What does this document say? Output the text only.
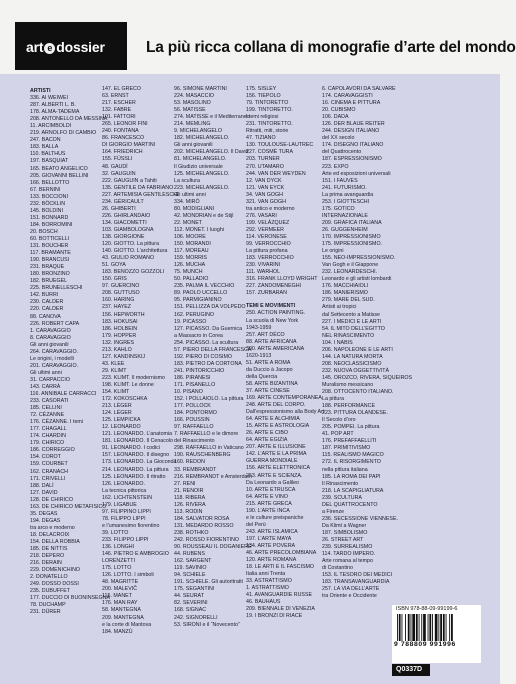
art e dossier	La più ricca collana di monografie d’arte del mondo
ARTISTI
336. AI WEIWEI
287. ALBERTI L. B.
178. ALMA-TADEMA
208. ANTONELLO DA MESSINA
11. ARCIMBOLDI
219. ARNOLFO DI CAMBIO
247. BACON
183. BALLA
110. BALTHUS
197. BASQUIAT
165. BEATO ANGELICO
205. GIOVANNI BELLINI
166. BELLOTTO
67. BERNINI
133. BOCCIONI
232. BÖCKLIN
145. BOLDINI
151. BONNARD
184. BORROMINI
20. BOSCH
60. BOTTICELLI
131. BOUCHER
117. BRAMANTE
190. BRANCUSI
231. BRAQUE
180. BRONZINO
182. BRUEGEL
225. BRUNELLESCHI
142. BURRI
230. CALDER
220. CALDER
88. CANOVA
226. ROBERT CAPA
1. CARAVAGGIO
8. CARAVAGGIO
Gli anni giovanili
264. CARAVAGGIO.
Le origini, i modelli
201. CARAVAGGIO.
Gli ultimi anni
31. CARPACCIO
143. CARRÀ
116. ANNIBALE CARRACCI
233. CASORATI
185. CELLINI
72. CÉZANNE
176. CÉZANNE. I temi
177. CHAGALL
174. CHARDIN
179. CHIRICO
186. CORREGGIO
154. COROT
159. COURBET
162. CRANACH
171. CRIVELLI
188. DALÍ
127. DAVID
128. DE CHIRICO
163. DE CHIRICO METAFISICO
35. DEGAS
194. DEGAS
tra arco e moderno
18. DELACROIX
154. DELLA ROBBIA
185. DE NITTIS
218. DEPERO
216. DERAIN
229. DOMENICHINO
2. DONATELLO
249. DOSSO DOSSI
235. DUBUFFET
177. DUCCIO DI BUONINSEGNA
78. DUCHAMP
231. DÜRER
147. EL GRECO
63. ERNST
217. ESCHER
132. FABRE
101. FATTORI
265. LEONOR FINI
240. FONTANA
86. FRANCESCO
DI GIORGIO MARTINI
164. FRIEDRICH
155. FÜSSLI
48. GAUDÍ
32. GAUGUIN
222. GAUGUIN a Tahiti
135. GENTILE DA FABRIANO
227. ARTEMISIA GENTILESCHI
234. GÉRICAULT
26. GHIBERTI
226. GHIRLANDAIO
134. GIACOMETTI
103. GIAMBOLOGNA
138. GIORGIONE
120. GIOTTO. La pittura
140. GIOTTO. L’architettura
43. GIULIO ROMANO
51. GOYA
183. BENOZZO GOZZOLI
150. GRIS
97. GUERCINO
208. GUTTUSO
160. HARING
237. HAYEZ
156. HEPWORTH
183. HOKUSAI
186. HOLBEIN
179. HOPPER
132. INGRES
213. KAHLO
127. KANDINSKIJ
43. KLEE
29. KLIMT
223. KLIMT. Il modernismo
198. KLIMT. Le donne
154. KLIMT
172. KOKOSCHKA
213. LÉGER
124. LÉGER
125. LEMPICKA
12. LEONARDO
121. LEONARDO. L’anatomia
181. LEONARDO. Il Cenacolo
91. LEONARDO. I codici
157. LEONARDO. Il disegno
173. LEONARDO. La Gioconda
214. LEONARDO. La pittura
125. LEONARDO. Il ritratto
126. LEONARDO.
La tecnica pittorica
162. LICHTENSTEIN
179. LIGABUE
97. FILIPPINO LIPPI
78. FILIPPO LIPPI
e l’umanesimo fiorentino
39. LOTTO
233. FILIPPO LIPPI
136. LONGHI
146. PIETRO E AMBROGIO
LORENZETTI
175. LOTTO
126. LOTTO. I simboli
48. MAGRITTE
200. MALEVIČ
115. MANET
176. MAN RAY
58. MANTEGNA
209. MANTEGNA
e la corte di Mantova
184. MANZÙ
96. SIMONE MARTINI
224. MASACCIO
53. MASOLINO
56. MATISSE
274. MATISSE e il Mediterraneo
214. MEMLING
9. MICHELANGELO
182. MICHELANGELO.
Gli anni giovanili
202. MICHELANGELO. Il David
81. MICHELANGELO.
Il Giudizio universale
125. MICHELANGELO.
La scultura
223. MICHELANGELO.
Gli ultimi anni
334. MIRÓ
80. MODIGLIANI
42. MONDRIAN e de Stijl
22. MONET
112. MONET. I luoghi
106. MOORE
150. MORANDI
117. MOREAU
159. MORRIS
126. MUCHA
75. MUNCH
50. PALLADIO
235. PALMA IL VECCHIO
89. PAOLO UCCELLO
95. PARMIGIANINO
151. PELLIZZA DA VOLPEDO
162. PERUGINO
19. PICASSO
127. PICASSO. Da Guernica
a Massacro in Corea
254. PICASSO. La scultura
57. PIERO DELLA FRANCESCA
192. PIERO DI COSIMO
183. PIETRO DA CORTONA
241. PINTORICCHIO
186. PIRANESI
171. PISANELLO
10. PISANO
152. I POLLAIOLO. La pittura
177. POLLOCK
184. PONTORMO
166. POUSSIN
97. RAFFAELLO
7. RAFFAELLO e le dimore
del Rinascimento
298. RAFFAELLO in Vaticano
190. RAUSCHENBERG
160. REDON
33. REMBRANDT
216. REMBRANDT e Amsterdam
27. RENI
21. RENOIR
118. RIBERA
126. RIVERA
113. RODIN
184. SALVATOR ROSA
131. MEDARDO ROSSO
238. ROTHKO
242. ROSSO FIORENTINO
90. ROUSSEAU IL DOGANIERE
44. RUBENS
162. SARGENT
119. SAVINIO
94. SCHIELE
191. SCHIELE. Gli autoritratti
175. SEGANTINI
44. SEURAT
82. SEVERINI
168. SIGNAC
242. SIGNORELLI
53. SIRONI e il “Novecento”
175. SISLEY
156. TIEPOLO
79. TINTORETTO
199. TINTORETTO.
I temi religiosi
231. TINTORETTO.
Ritratti, miti, storie
47. TIZIANO
130. TOULOUSE-LAUTREC
227. COSMÈ TURA
203. TURNER
270. UTAMARO
244. VAN DER WEYDEN
12. VAN DYCK
121. VAN EYCK
34. VAN GOGH
321. VAN GOGH
tra antico e moderno
276. VASARI
199. VELÁZQUEZ
292. VERMEER
114. VERONESE
99. VERROCCHIO
La pittura profana
183. VERROCCHIO
230. VIVARINI
111. WARHOL
316. FRANK LLOYD WRIGHT
227. ZANDOMENEGHI
157. ZURBARAN
TEMI E MOVIMENTI
250. ACTION PAINTING.
La scuola di New York
1943-1959
257. ART DÉCO
88. ARTE AFRICANA
300. ARTE AMERICANA
1620-1913
51. ARTE A ROMA
da Duccio à Jacopo
della Quercia
58. ARTE BIZANTINA
37. ARTE CINESE
169. ARTE CONTEMPORANEA
248. ARTE DEL CORPO.
Dall’espressionismo alla Body Art
64. ARTE E ALCHIMIA
15. ARTE E ASTROLOGIA
26. ARTE E CIBO
64. ARTE EGIZIA
207. ARTE E ILLUSIONE
142. L’ARTE E LA PRIMA
GUERRA MONDIALE
156. ARTE ELETTRONICA
253. ARTE E SCIENZA.
Da Leonardo a Galileo
10. ARTE ETRUSCA
64. ARTE E VINO
215. ARTE GRECA
190. L’ARTE INCA
e le culture preispaniche
del Perù
243. ARTE ISLAMICA
197. L’ARTE MAYA
134. ARTE POVERA
46. ARTE PRECOLOMBIANA
120. ARTE ROMANA
18. LE ARTI E IL FASCISMO
Italia anni Trenta
33. ASTRATTISMO
1. ASTRATTISMO
41. AVANGUARDIE RUSSE
46. BAUHAUS
209. BIENNALE DI VENEZIA
19. I BRONZI DI RIACE
6. CAPOLAVORI DA SALVARE
174. CARAVAGGISTI
16. CINEMA E PITTURA
20. CUBISMO
106. DADA
126. DER BLAUE REITER
244. DESIGN ITALIANO
del XX secolo
174. DISEGNO ITALIANO
del Quattrocento
187. ESPRESSIONISMO
223. EXPO
Arte ed esposizioni universali
151. I FAUVES
241. FUTURISMO.
La prima avanguardia
253. I GIOTTESCHI
175. GOTICO
INTERNAZIONALE
209. GRAFICA ITALIANA
26. GUGGENHEIM
170. IMPRESSIONISMO
175. IMPRESSIONISMO.
Le origini
155. NEO-IMPRESSIONISMO.
Van Gogh e il Giappone
232. LEONARDESCHI.
Leonardo e gli artisti lombardi
176. MACCHIAIOLI
186. MANIERISMO
279. MARE DEL SUD.
Artisti ai tropici
dal Settecento a Matisse
227. I MEDICI E LE ARTI
54. IL MITO DELL’EGITTO
NEL RINASCIMENTO
104. I NABIS
206. NAPOLEONE E LE ARTI
144. LA NATURA MORTA
208. NEOCLASSICISMO
232. NUOVA OGGETTIVITÀ
145. OROZCO, RIVERA, SIQUEIROS
Muralismo messicano
208. OTTOCENTO ITALIANO.
La pittura
188. PERFORMANCE
223. PITTURA OLANDESE.
Il Secolo d’oro
205. POMPEI. La pittura
41. POP ART
176. PREFAFFAELLITI
187. PRIMITIVISMO
115. REALISMO MAGICO
272. IL RISORGIMENTO
nella pittura italiana
185. LA ROMA DEI PAPI
Il Rinascimento
218. LA SCAPIGLIATURA
239. SCULTURA
DEL QUATTROCENTO
a Firenze
236. SECESSIONE VIENNESE.
Da Klimt a Wagner
187. SIMBOLISMO
26. STREET ART
239. SURREALISMO
114. TARDO IMPERO.
Arte romana al tempo
di Costantino
153. IL TESORO DEI MEDICI
183. TRANSAVANGUARDIA
257. LA VIA DELL’ARTE
tra Oriente e Occidente
ISBN 978-88-09-99199-6
9 788809 991996
Q0337D
